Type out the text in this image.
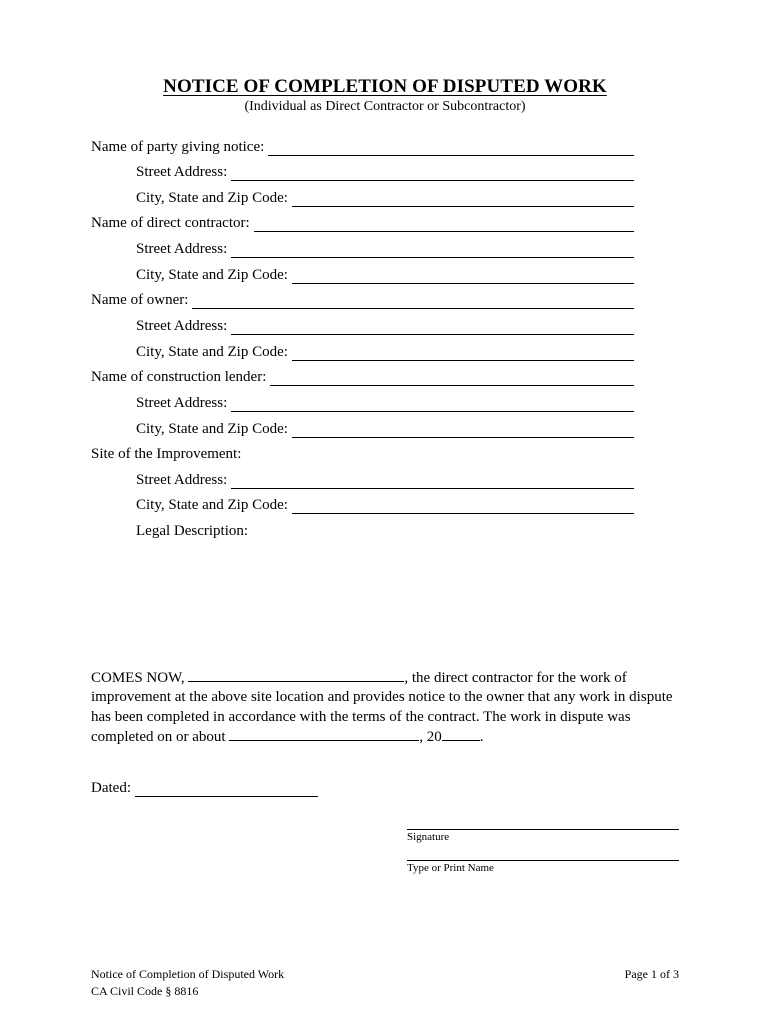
NOTICE OF COMPLETION OF DISPUTED WORK
(Individual as Direct Contractor or Subcontractor)
Name of party giving notice:
Street Address:
City, State and Zip Code:
Name of direct contractor:
Street Address:
City, State and Zip Code:
Name of owner:
Street Address:
City, State and Zip Code:
Name of construction lender:
Street Address:
City, State and Zip Code:
Site of the Improvement:
Street Address:
City, State and Zip Code:
Legal Description:
COMES NOW,	, the direct contractor for the work of
improvement at the above site location and provides notice to the owner that any work in dispute
has been completed in accordance with the terms of the contract. The work in dispute was
completed on or about	, 20	.
Dated:
Signature
Type or Print Name
Notice of Completion of Disputed Work
CA Civil Code § 8816
Page 1 of 3
